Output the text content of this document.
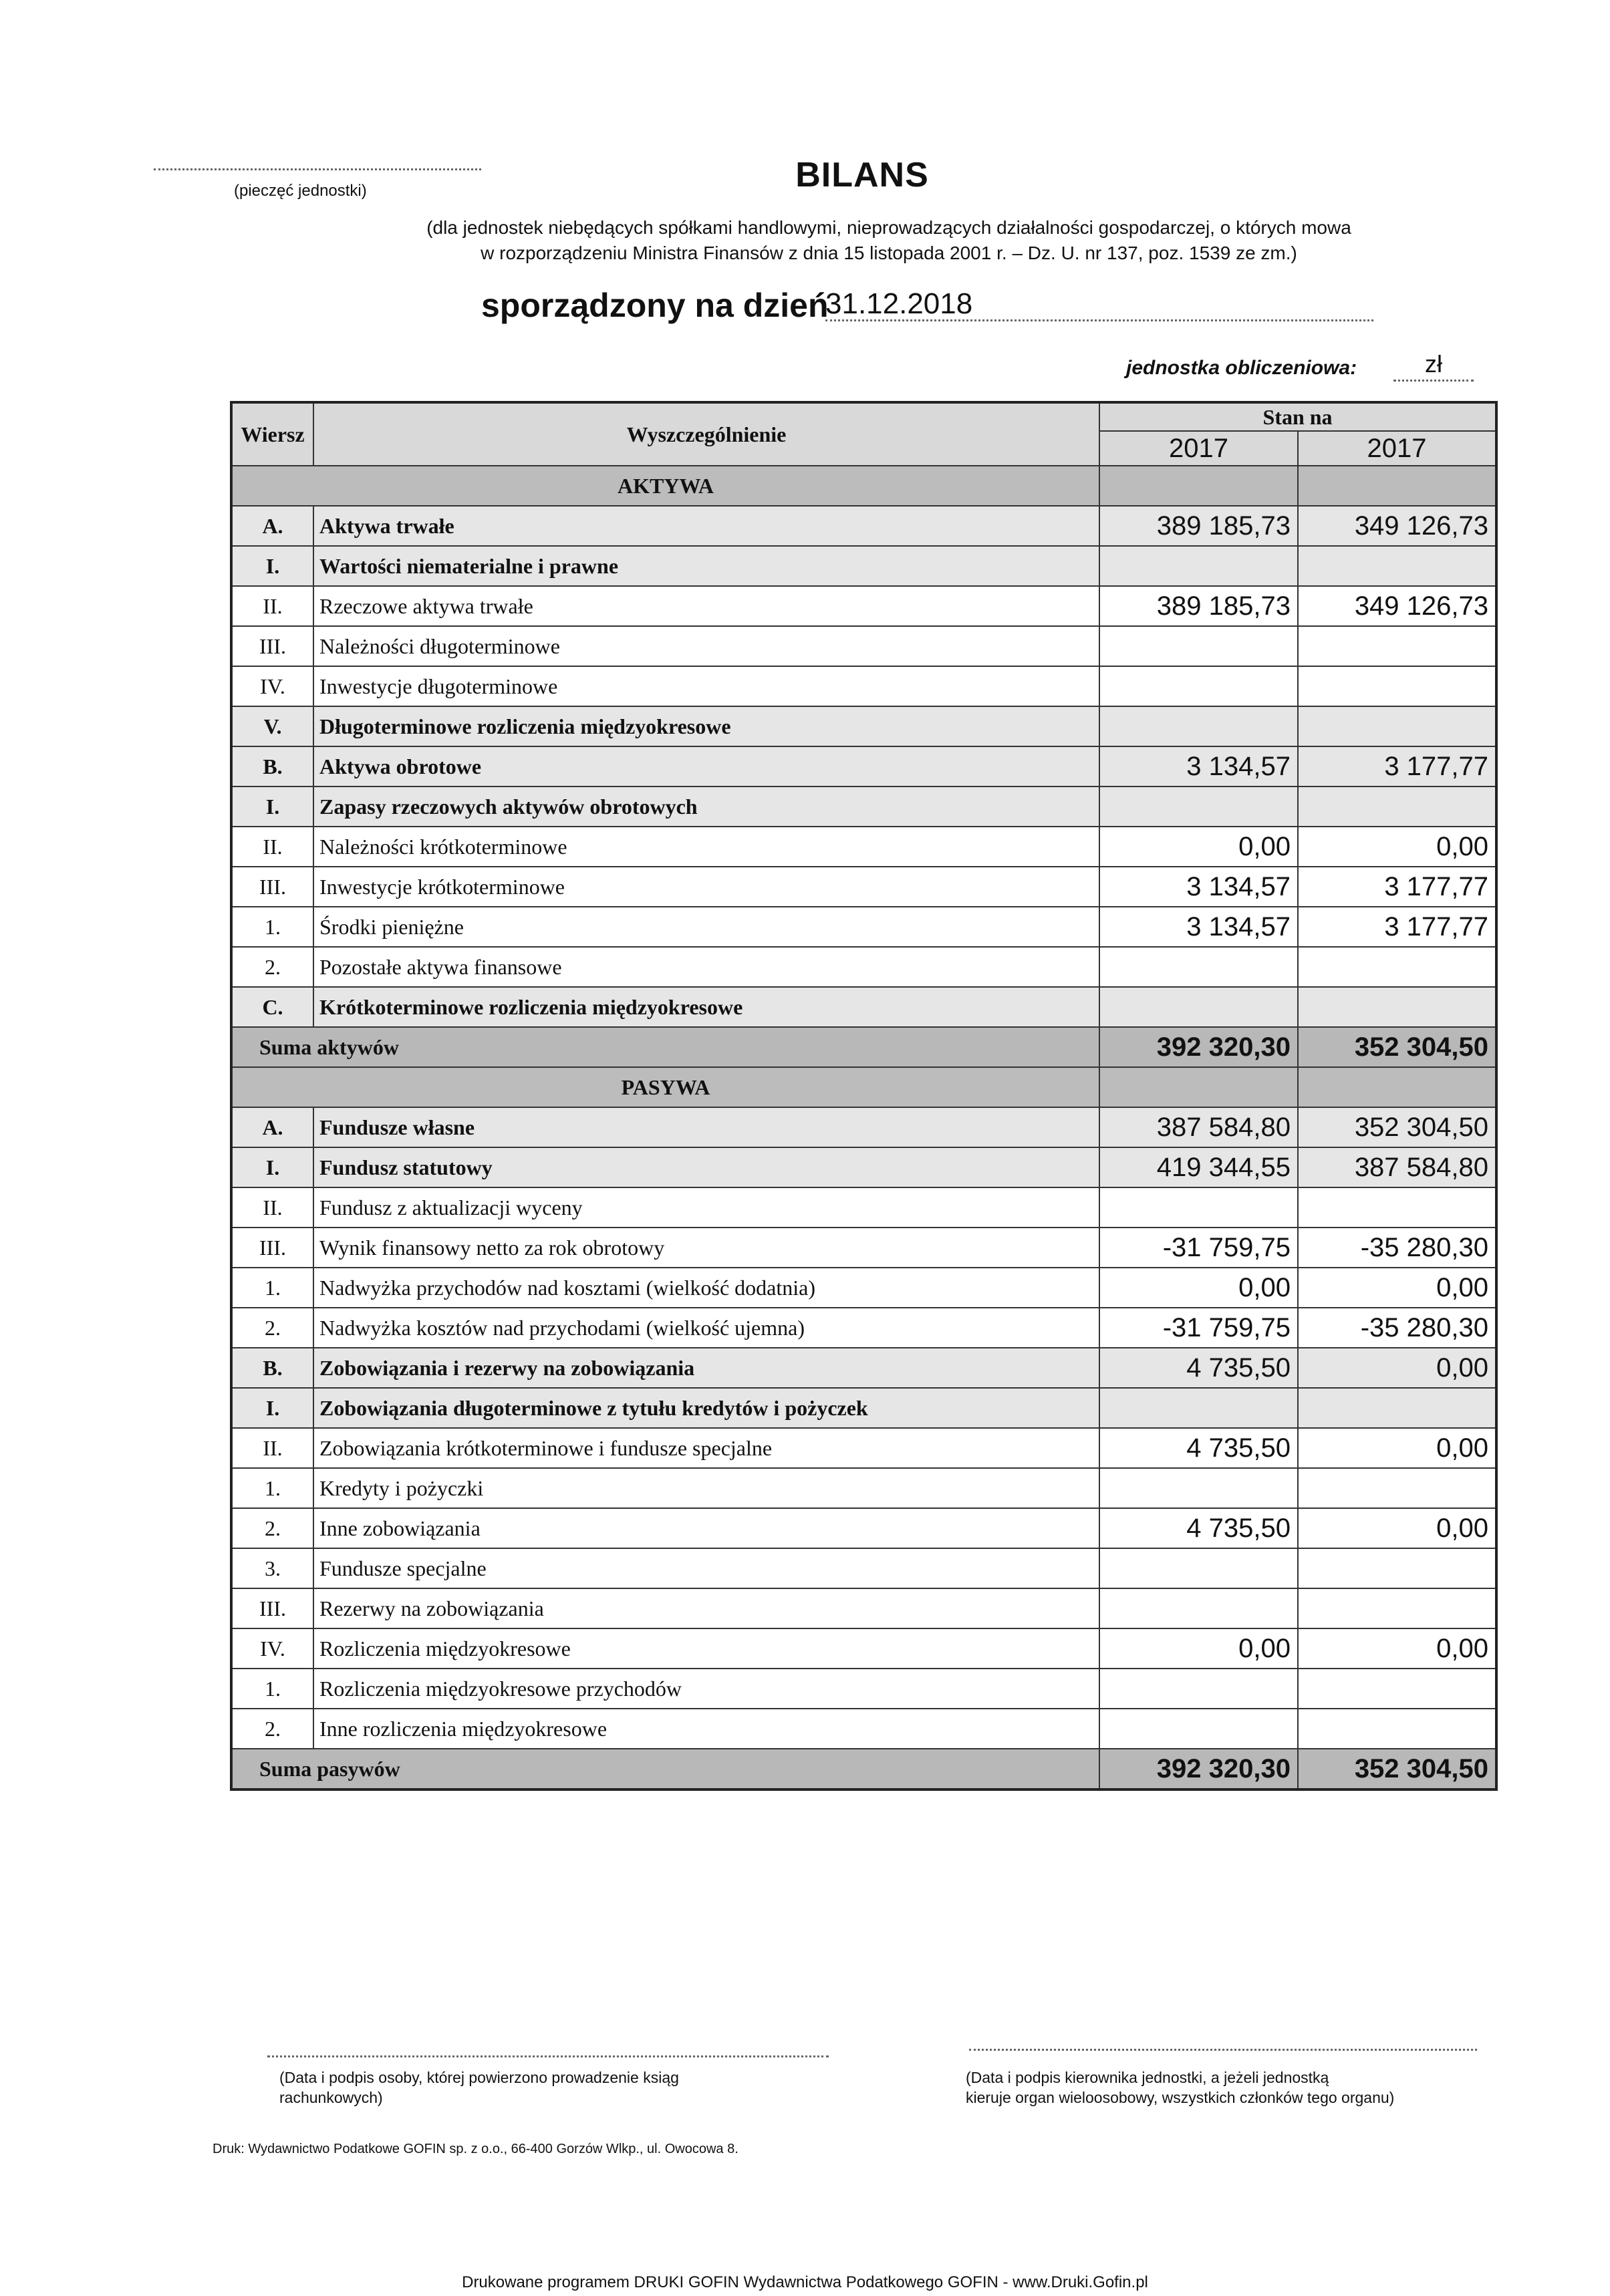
(pieczęć jednostki)	BILANS
(dla jednostek niebędących spółkami handlowymi, nieprowadzących działalności gospodarczej, o których mowa
w rozporządzeniu Ministra Finansów z dnia 15 listopada 2001 r. – Dz. U. nr 137, poz. 1539 ze zm.)
sporządzony na dzień
31.12.2018
jednostka obliczeniowa:	zł
Wiersz	Wyszczególnienie	Stan na	
		2017	2017
AKTYWA			
A.	Aktywa trwałe	389 185,73	349 126,73
I.	Wartości niematerialne i prawne		
II.	Rzeczowe aktywa trwałe	389 185,73	349 126,73
III.	Należności długoterminowe		
IV.	Inwestycje długoterminowe		
V.	Długoterminowe rozliczenia międzyokresowe		
B.	Aktywa obrotowe	3 134,57	3 177,77
I.	Zapasy rzeczowych aktywów obrotowych		
II.	Należności krótkoterminowe	0,00	0,00
III.	Inwestycje krótkoterminowe	3 134,57	3 177,77
1.	Środki pieniężne	3 134,57	3 177,77
2.	Pozostałe aktywa finansowe		
C.	Krótkoterminowe rozliczenia międzyokresowe		
Suma aktywów		392 320,30	352 304,50
PASYWA			
A.	Fundusze własne	387 584,80	352 304,50
I.	Fundusz statutowy	419 344,55	387 584,80
II.	Fundusz z aktualizacji wyceny		
III.	Wynik finansowy netto za rok obrotowy	-31 759,75	-35 280,30
1.	Nadwyżka przychodów nad kosztami (wielkość dodatnia)	0,00	0,00
2.	Nadwyżka kosztów nad przychodami (wielkość ujemna)	-31 759,75	-35 280,30
B.	Zobowiązania i rezerwy na zobowiązania	4 735,50	0,00
I.	Zobowiązania długoterminowe z tytułu kredytów i pożyczek		
II.	Zobowiązania krótkoterminowe i fundusze specjalne	4 735,50	0,00
1.	Kredyty i pożyczki		
2.	Inne zobowiązania	4 735,50	0,00
3.	Fundusze specjalne		
III.	Rezerwy na zobowiązania		
IV.	Rozliczenia międzyokresowe	0,00	0,00
1.	Rozliczenia międzyokresowe przychodów		
2.	Inne rozliczenia międzyokresowe		
Suma pasywów		392 320,30	352 304,50
(Data i podpis osoby, której powierzono prowadzenie ksiąg
rachunkowych)
(Data i podpis kierownika jednostki, a jeżeli jednostką
kieruje organ wieloosobowy, wszystkich członków tego organu)
Druk: Wydawnictwo Podatkowe GOFIN sp. z o.o., 66-400 Gorzów Wlkp., ul. Owocowa 8.
Drukowane programem DRUKI GOFIN Wydawnictwa Podatkowego GOFIN - www.Druki.Gofin.pl
